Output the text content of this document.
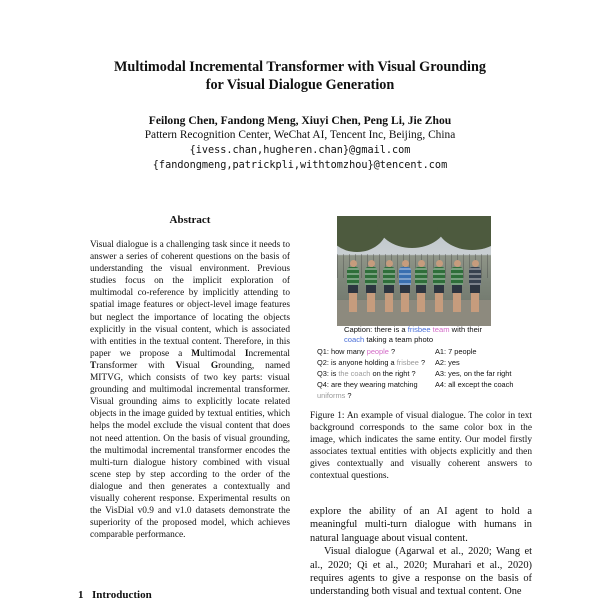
Multimodal Incremental Transformer with Visual Grounding
for Visual Dialogue Generation
Feilong Chen, Fandong Meng, Xiuyi Chen, Peng Li, Jie Zhou
Pattern Recognition Center, WeChat AI, Tencent Inc, Beijing, China
{ivess.chan,hugheren.chan}@gmail.com
{fandongmeng,patrickpli,withtomzhou}@tencent.com
Abstract

Visual dialogue is a challenging task since it needs to answer a series of coherent questions on the basis of understanding the visual environment. Previous studies focus on the implicit exploration of multimodal co-reference by implicitly attending to spatial image features or object-level image features but neglect the importance of locating the objects explicitly in the visual content, which is associated with entities in the textual content. Therefore, in this paper we propose a Multimodal Incremental Transformer with Visual Grounding, named MITVG, which consists of two key parts: visual grounding and multimodal incremental transformer. Visual grounding aims to explicitly locate related objects in the image guided by textual entities, which helps the model exclude the visual content that does not need attention. On the basis of visual grounding, the multimodal incremental transformer encodes the multi-turn dialogue history combined with visual scene step by step according to the order of the dialogue and then generates a contextually and visually coherent response. Experimental results on the VisDial v0.9 and v1.0 datasets demonstrate the superiority of the proposed model, which achieves comparable performance.

1 Introduction
Caption: there is a frisbee team with their coach taking a team photo
Q1: how many people ?
Q2: is anyone holding a frisbee ?
Q3: is the coach on the right ?
Q4: are they wearing matching
uniforms ?
A1: 7 people
A2: yes
A3: yes, on the far right
A4: all except the coach

Figure 1: An example of visual dialogue. The color in text background corresponds to the same color box in the image, which indicates the same entity. Our model firstly associates textual entities with objects explicitly and then gives contextually and visually coherent answers to contextual questions.

explore the ability of an AI agent to hold a meaningful multi-turn dialogue with humans in natural language about visual content.

Visual dialogue (Agarwal et al., 2020; Wang et al., 2020; Qi et al., 2020; Murahari et al., 2020) requires agents to give a response on the basis of understanding both visual and textual content. One
